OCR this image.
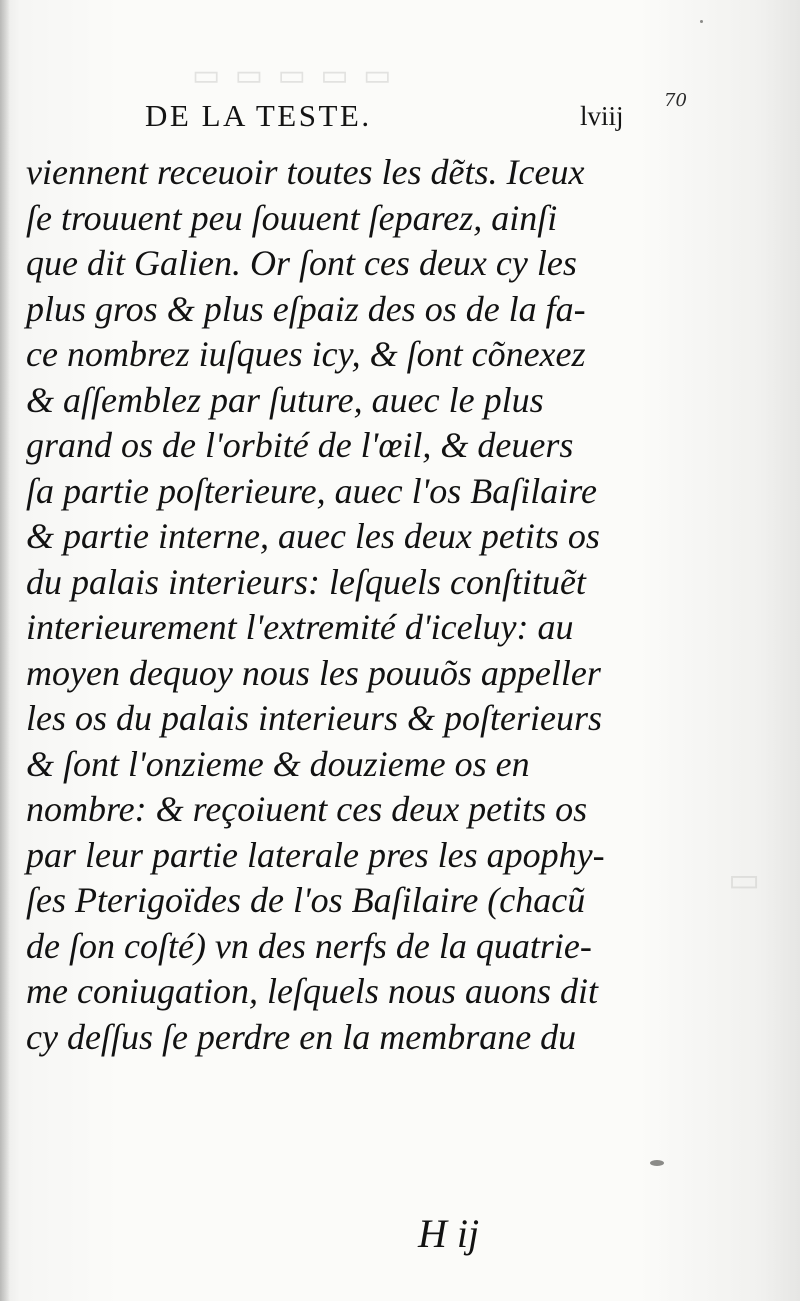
▭ ▭ ▭ ▭ ▭
▭
DE LA TESTE.	lviij
70
viennent receuoir toutes les dẽts. Iceux
ſe trouuent peu ſouuent ſeparez, ainſi
que dit Galien. Or ſont ces deux cy les
plus gros & plus eſpaiz des os de la fa-
ce nombrez iuſques icy, & ſont cõnexez
& aſſemblez par ſuture, auec le plus
grand os de l'orbité de l'œil, & deuers
ſa partie poſterieure, auec l'os Baſilaire
& partie interne, auec les deux petits os
du palais interieurs: leſquels conſtituẽt
interieurement l'extremité d'iceluy: au
moyen dequoy nous les pouuõs appeller
les os du palais interieurs & poſterieurs
& ſont l'onzieme & douzieme os en
nombre: & reçoiuent ces deux petits os
par leur partie laterale pres les apophy-
ſes Pterigoïdes de l'os Baſilaire (chacũ
de ſon coſté) vn des nerfs de la quatrie-
me coniugation, leſquels nous auons dit
cy deſſus ſe perdre en la membrane du
H ij
